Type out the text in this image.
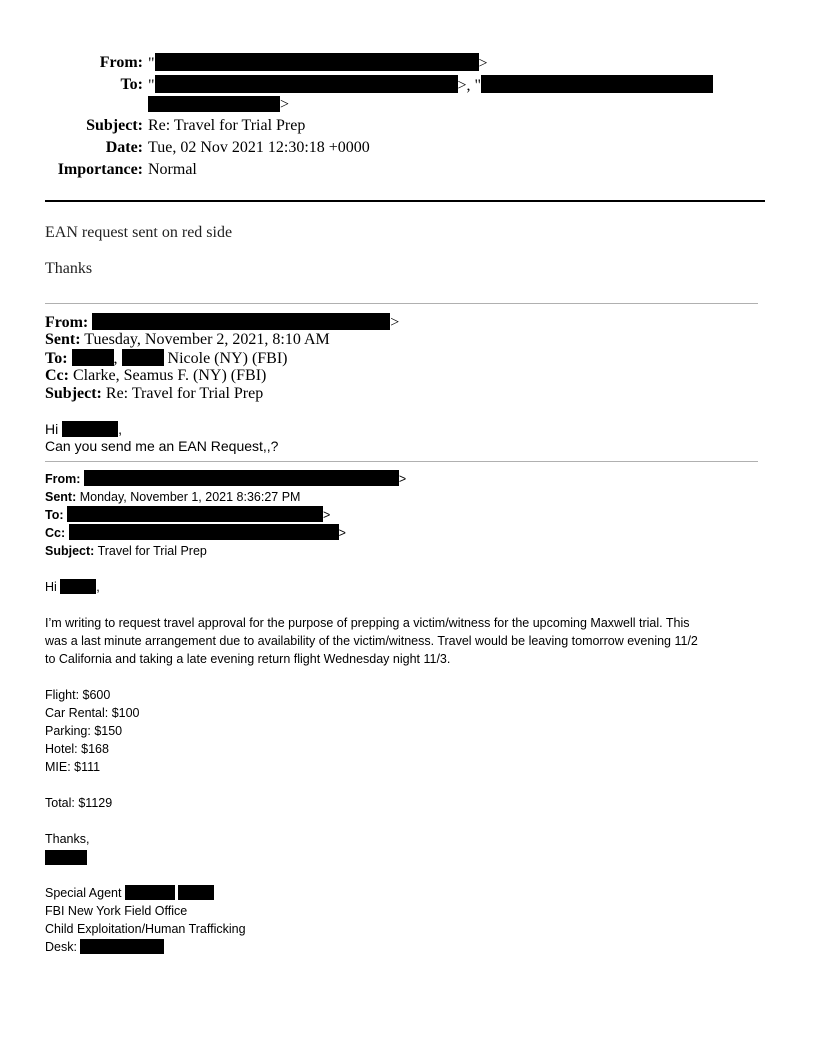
From: "	>
To: "	>, "
>
Subject: Re: Travel for Trial Prep
Date: Tue, 02 Nov 2021 12:30:18 +0000
Importance: Normal
EAN request sent on red side
Thanks
From:	>
Sent: Tuesday, November 2, 2021, 8:10 AM
To:	,	Nicole (NY) (FBI)
Cc: Clarke, Seamus F. (NY) (FBI)
Subject: Re: Travel for Trial Prep
Hi	,
Can you send me an EAN Request,,?
From:	>
Sent: Monday, November 1, 2021 8:36:27 PM
To:	>
Cc:	>
Subject: Travel for Trial Prep
Hi	,
I’m writing to request travel approval for the purpose of prepping a victim/witness for the upcoming Maxwell trial. This
was a last minute arrangement due to availability of the victim/witness. Travel would be leaving tomorrow evening 11/2
to California and taking a late evening return flight Wednesday night 11/3.
Flight: $600
Car Rental: $100
Parking: $150
Hotel: $168
MIE: $111
Total: $1129
Thanks,
Special Agent
FBI New York Field Office
Child Exploitation/Human Trafficking
Desk:
